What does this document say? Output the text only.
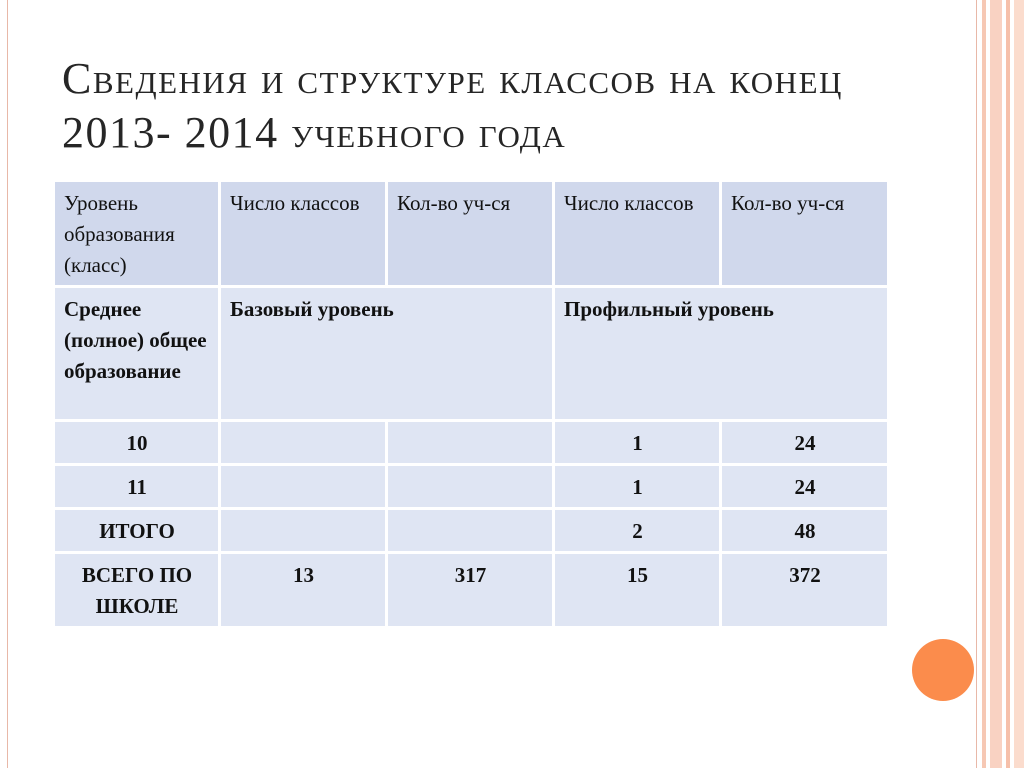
Сведения и структуре классов на конец 2013- 2014 учебного года
Уровень образования (класс)	Число классов	Кол-во уч-ся	Число классов	Кол-во уч-ся
Среднее (полное) общее образование	Базовый уровень		Профильный уровень	
10			1	24
11			1	24
ИТОГО			2	48
ВСЕГО ПО ШКОЛЕ	13	317	15	372
